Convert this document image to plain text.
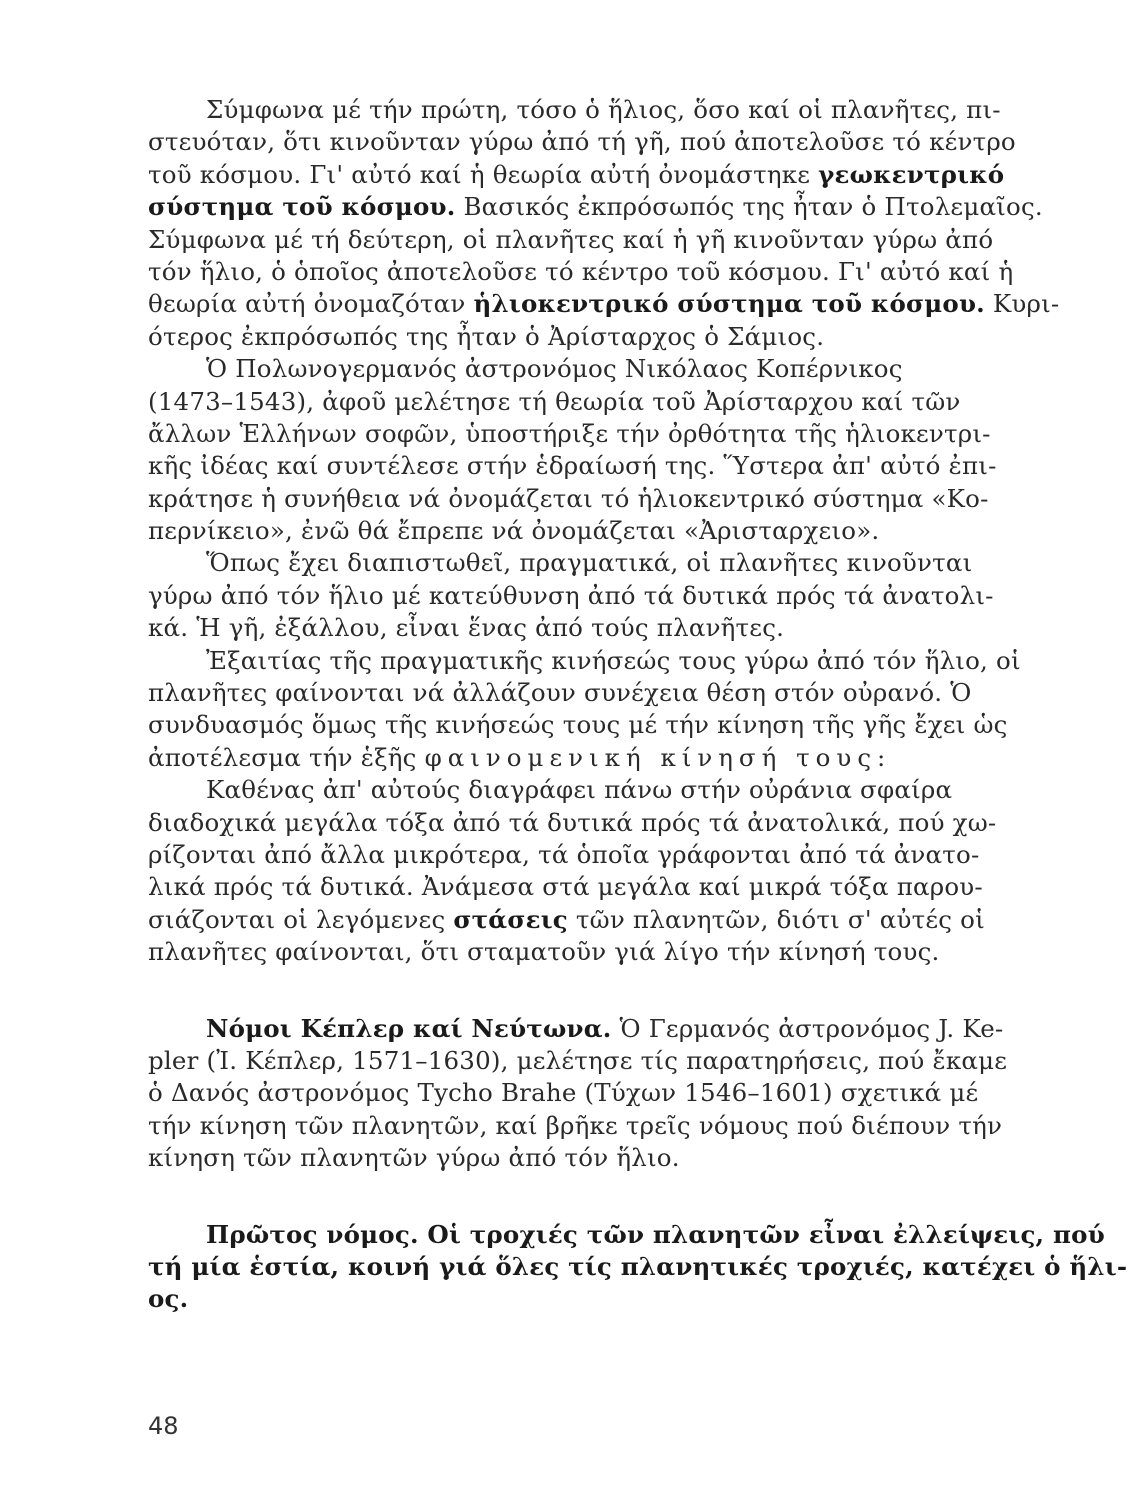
Σύμφωνα μέ τήν πρώτη, τόσο ὁ ἥλιος, ὅσο καί οἱ πλανῆτες, πι-
στευόταν, ὅτι κινοῦνταν γύρω ἀπό τή γῆ, πού ἀποτελοῦσε τό κέντρο
τοῦ κόσμου. Γι' αὐτό καί ἡ θεωρία αὐτή ὀνομάστηκε γεωκεντρικό
σύστημα τοῦ κόσμου. Βασικός ἐκπρόσωπός της ἦταν ὁ Πτολεμαῖος.
Σύμφωνα μέ τή δεύτερη, οἱ πλανῆτες καί ἡ γῆ κινοῦνταν γύρω ἀπό
τόν ἥλιο, ὁ ὁποῖος ἀποτελοῦσε τό κέντρο τοῦ κόσμου. Γι' αὐτό καί ἡ
θεωρία αὐτή ὀνομαζόταν ἡλιοκεντρικό σύστημα τοῦ κόσμου. Κυρι-
ότερος ἐκπρόσωπός της ἦταν ὁ Ἀρίσταρχος ὁ Σάμιος.
Ὁ Πολωνογερμανός ἀστρονόμος Νικόλαος Κοπέρνικος
(1473–1543), ἀφοῦ μελέτησε τή θεωρία τοῦ Ἀρίσταρχου καί τῶν
ἄλλων Ἑλλήνων σοφῶν, ὑποστήριξε τήν ὀρθότητα τῆς ἡλιοκεντρι-
κῆς ἰδέας καί συντέλεσε στήν ἑδραίωσή της. Ὕστερα ἀπ' αὐτό ἐπι-
κράτησε ἡ συνήθεια νά ὀνομάζεται τό ἡλιοκεντρικό σύστημα «Κο-
περνίκειο», ἐνῶ θά ἔπρεπε νά ὀνομάζεται «Ἀρισταρχειο».
Ὅπως ἔχει διαπιστωθεῖ, πραγματικά, οἱ πλανῆτες κινοῦνται
γύρω ἀπό τόν ἥλιο μέ κατεύθυνση ἀπό τά δυτικά πρός τά ἀνατολι-
κά. Ἡ γῆ, ἐξάλλου, εἶναι ἕνας ἀπό τούς πλανῆτες.
Ἐξαιτίας τῆς πραγματικῆς κινήσεώς τους γύρω ἀπό τόν ἥλιο, οἱ
πλανῆτες φαίνονται νά ἀλλάζουν συνέχεια θέση στόν οὐρανό. Ὁ
συνδυασμός ὅμως τῆς κινήσεώς τους μέ τήν κίνηση τῆς γῆς ἔχει ὡς
ἀποτέλεσμα τήν ἑξῆς φαινομενική κίνησή τους:
Καθένας ἀπ' αὐτούς διαγράφει πάνω στήν οὐράνια σφαίρα
διαδοχικά μεγάλα τόξα ἀπό τά δυτικά πρός τά ἀνατολικά, πού χω-
ρίζονται ἀπό ἄλλα μικρότερα, τά ὁποῖα γράφονται ἀπό τά ἀνατο-
λικά πρός τά δυτικά. Ἀνάμεσα στά μεγάλα καί μικρά τόξα παρου-
σιάζονται οἱ λεγόμενες στάσεις τῶν πλανητῶν, διότι σ' αὐτές οἱ
πλανῆτες φαίνονται, ὅτι σταματοῦν γιά λίγο τήν κίνησή τους.
Νόμοι Κέπλερ καί Νεύτωνα. Ὁ Γερμανός ἀστρονόμος J. Ke-
pler (Ἰ. Κέπλερ, 1571–1630), μελέτησε τίς παρατηρήσεις, πού ἔκαμε
ὁ Δανός ἀστρονόμος Tycho Brahe (Τύχων 1546–1601) σχετικά μέ
τήν κίνηση τῶν πλανητῶν, καί βρῆκε τρεῖς νόμους πού διέπουν τήν
κίνηση τῶν πλανητῶν γύρω ἀπό τόν ἥλιο.
Πρῶτος νόμος. Οἱ τροχιές τῶν πλανητῶν εἶναι ἐλλείψεις, πού
τή μία ἑστία, κοινή γιά ὅλες τίς πλανητικές τροχιές, κατέχει ὁ ἥλι-
ος.
48
